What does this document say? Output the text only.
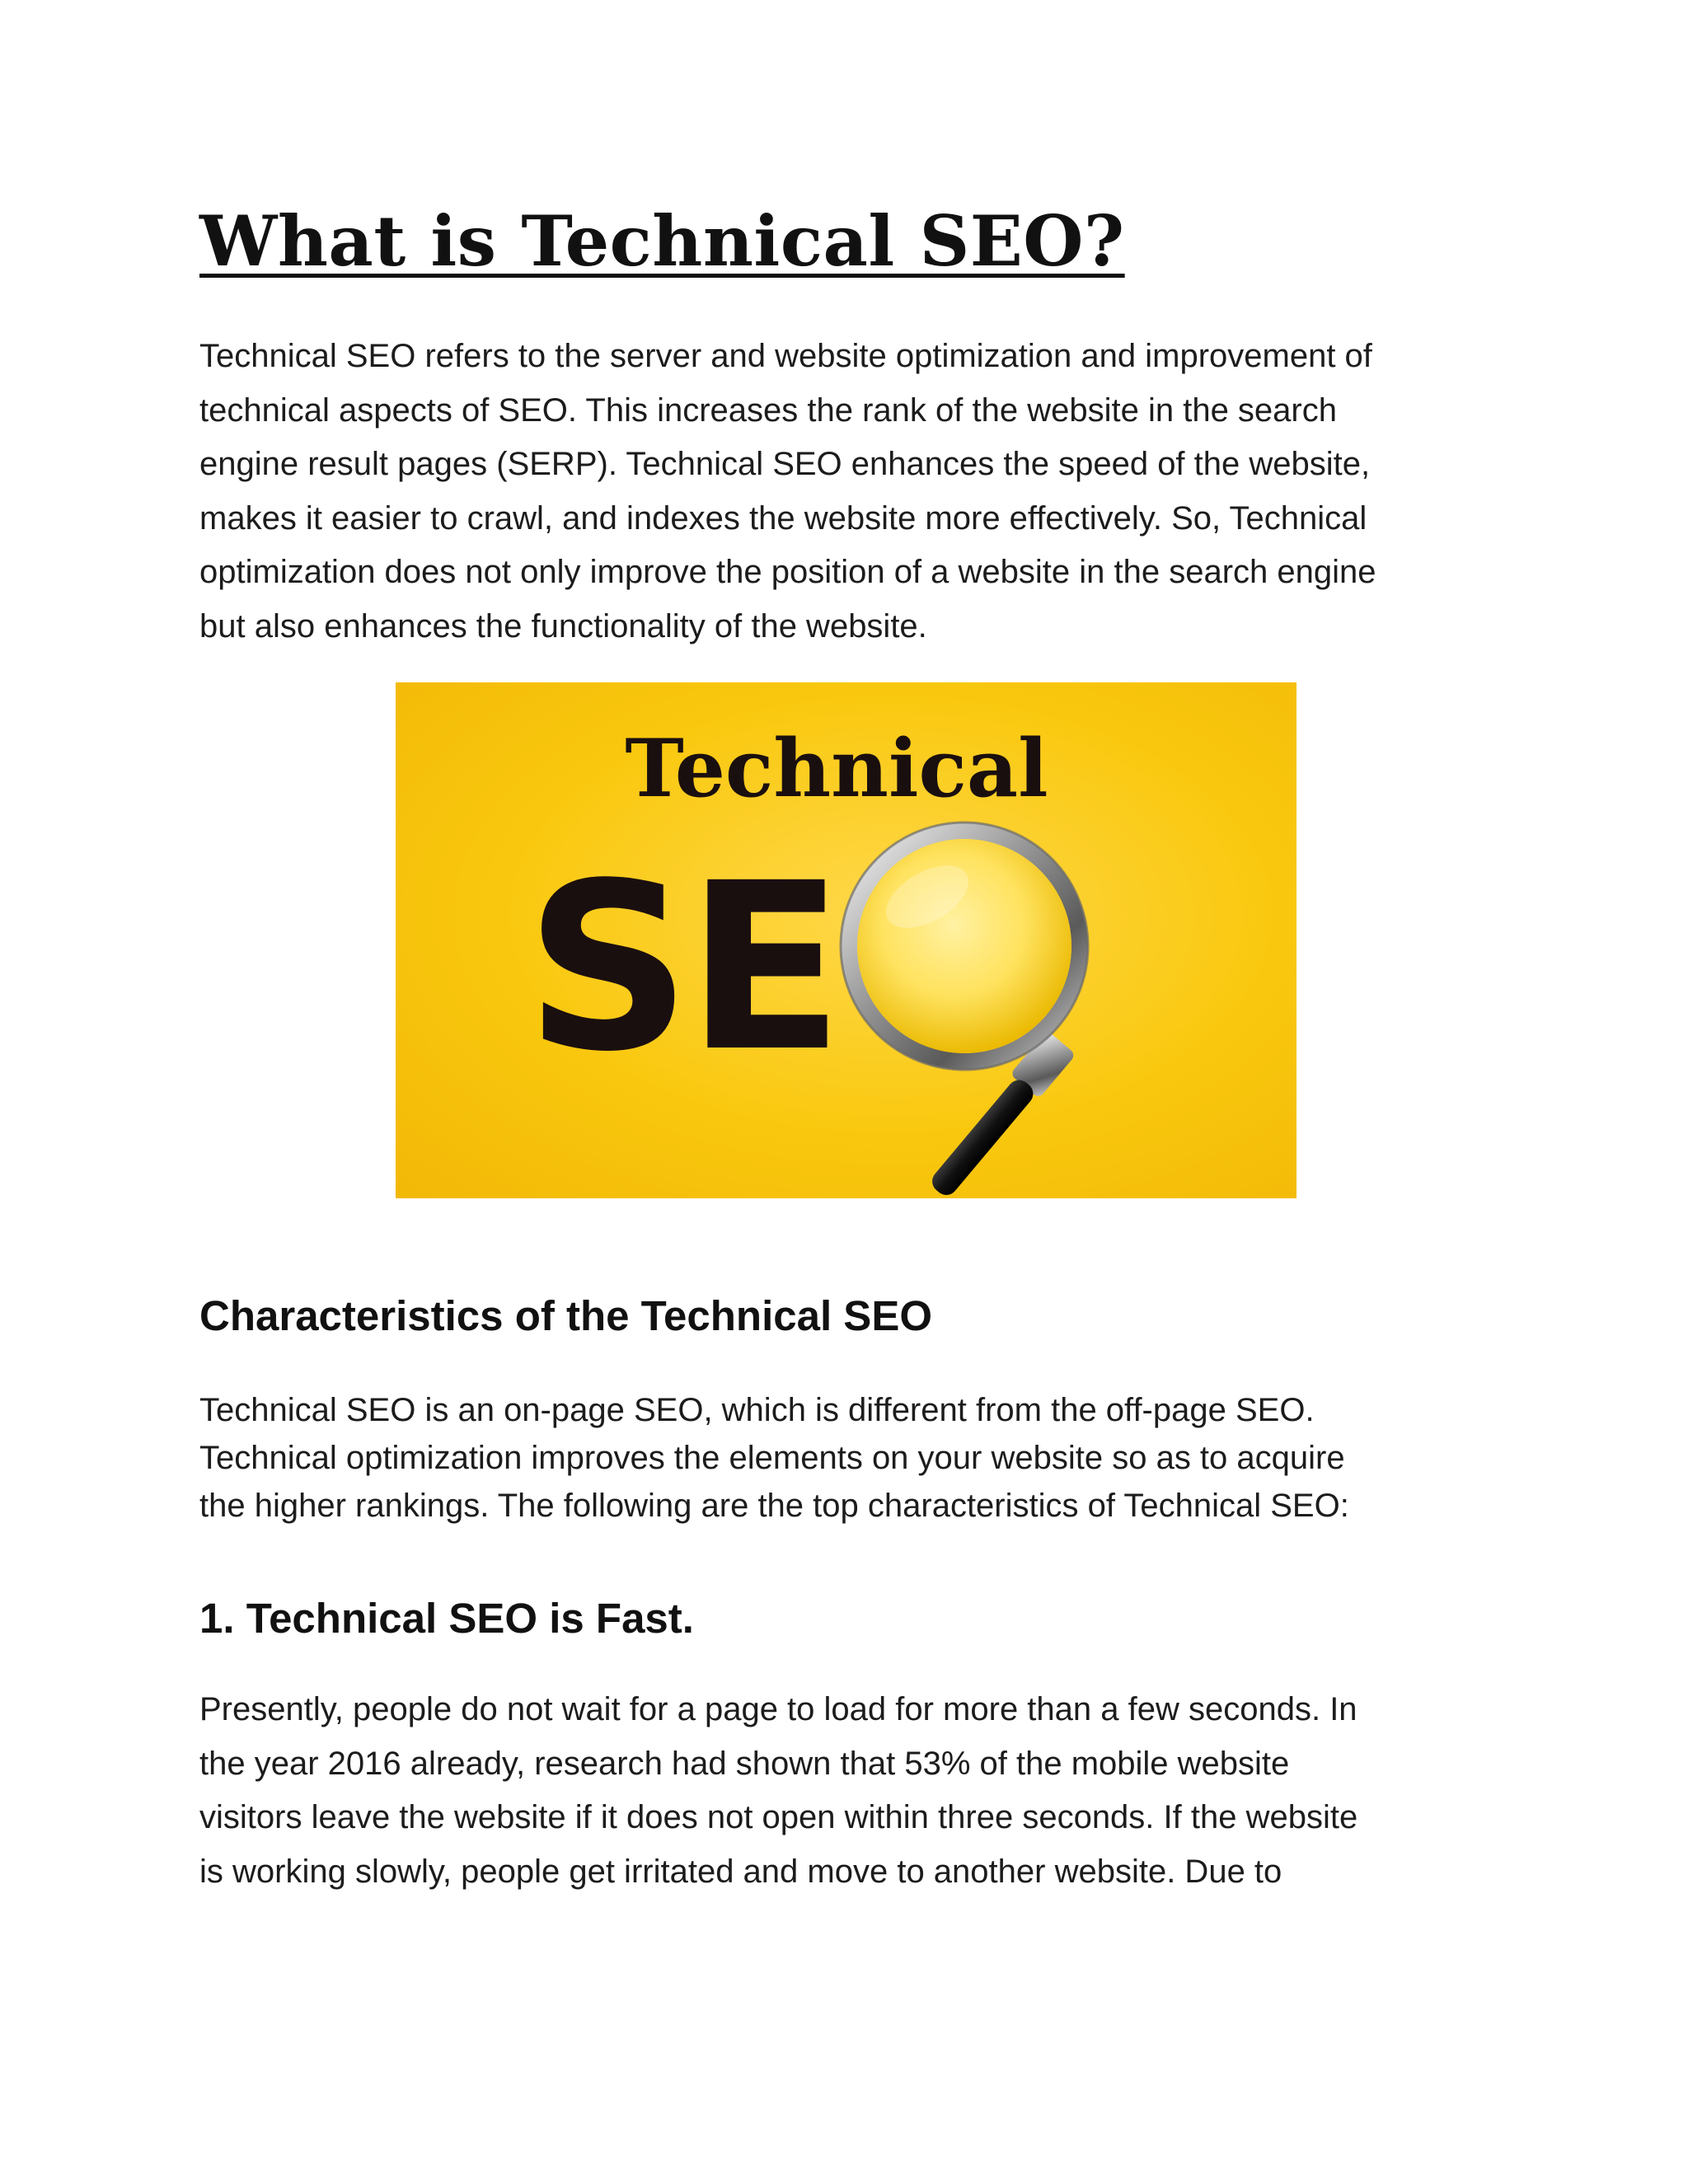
What is Technical SEO?
Technical SEO refers to the server and website optimization and improvement of
technical aspects of SEO. This increases the rank of the website in the search
engine result pages (SERP). Technical SEO enhances the speed of the website,
makes it easier to crawl, and indexes the website more effectively. So, Technical
optimization does not only improve the position of a website in the search engine
but also enhances the functionality of the website.
Technical
SE
Characteristics of the Technical SEO
Technical SEO is an on-page SEO, which is different from the off-page SEO.
Technical optimization improves the elements on your website so as to acquire
the higher rankings. The following are the top characteristics of Technical SEO:
1. Technical SEO is Fast.
Presently, people do not wait for a page to load for more than a few seconds. In
the year 2016 already, research had shown that 53% of the mobile website
visitors leave the website if it does not open within three seconds. If the website
is working slowly, people get irritated and move to another website. Due to
